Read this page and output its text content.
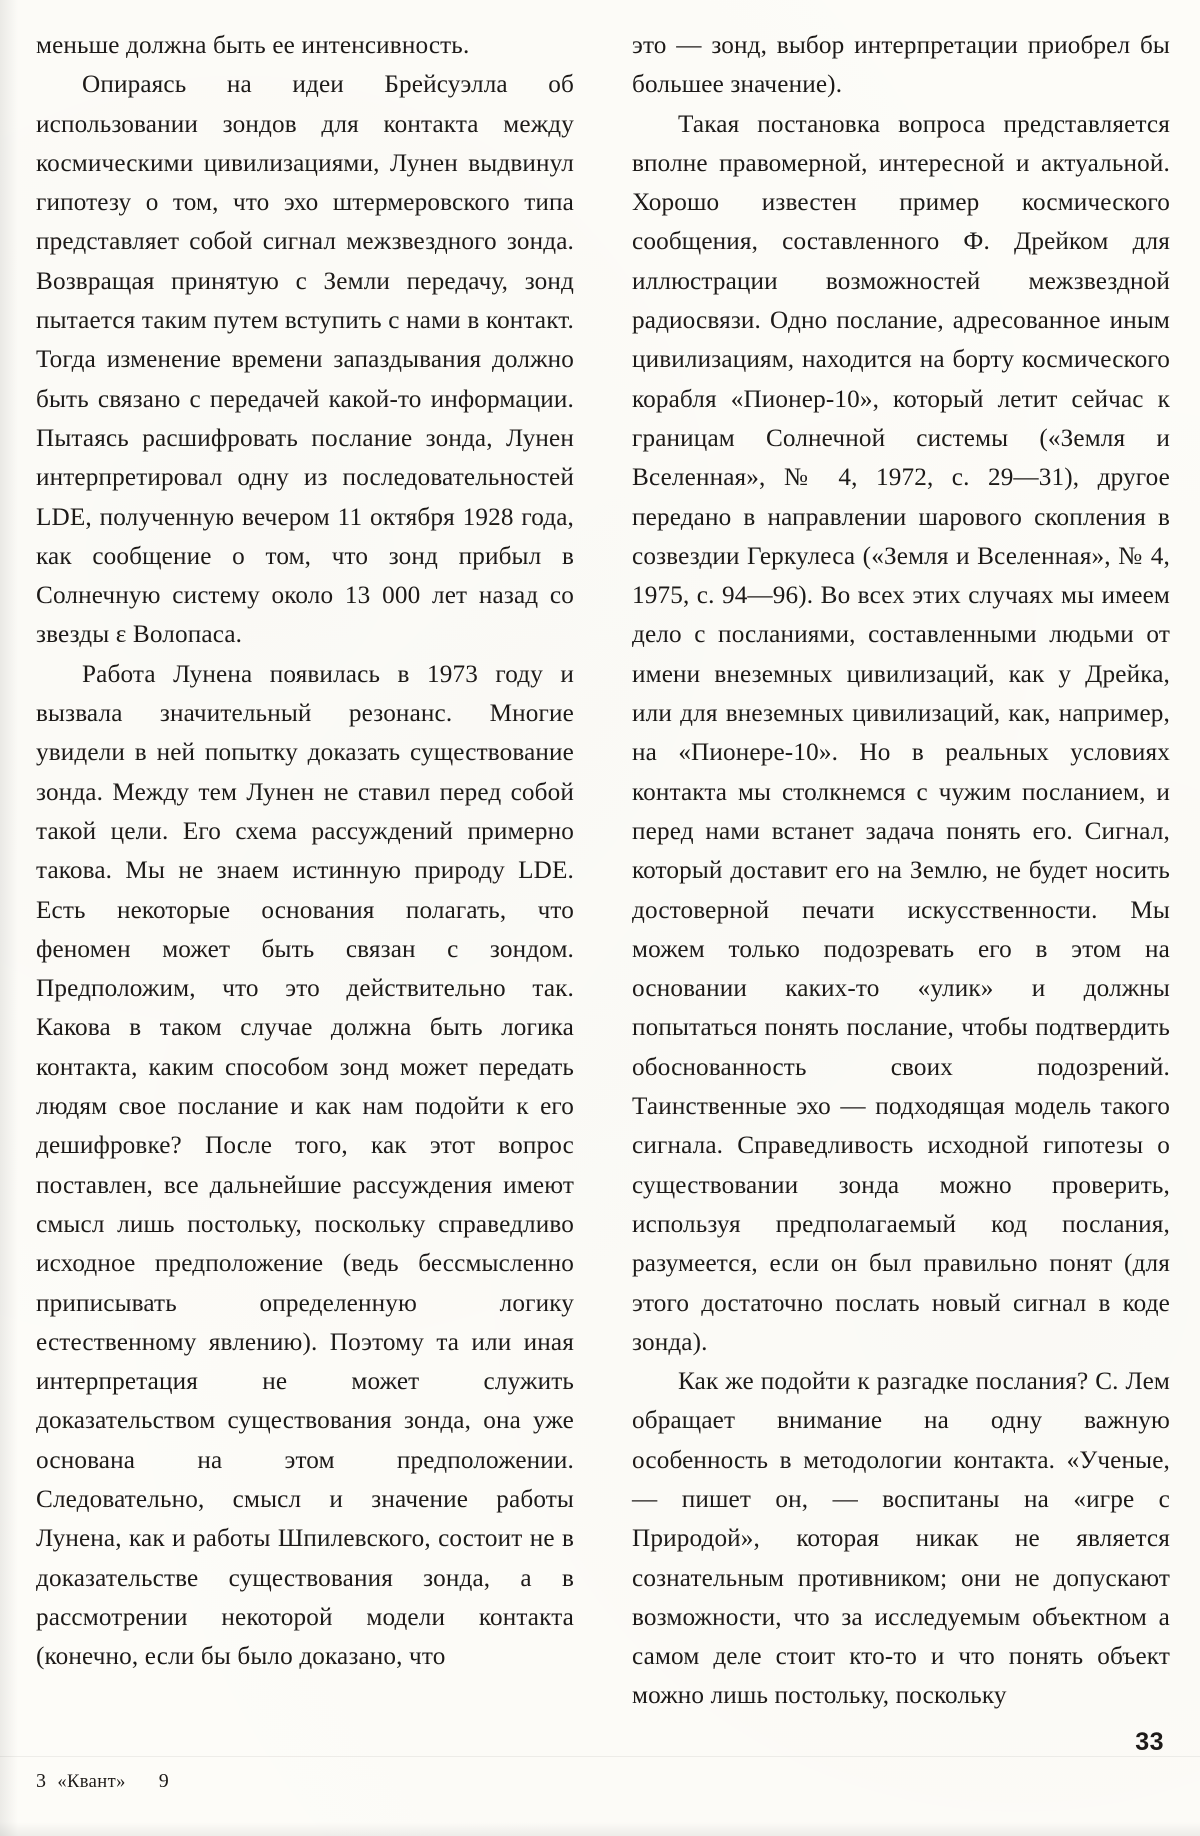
меньше должна быть ее интенсивность.

Опираясь на идеи Брейсуэлла об использовании зондов для контакта между космическими цивилизациями, Лунен выдвинул гипотезу о том, что эхо штермеровского типа представляет собой сигнал межзвездного зонда. Возвращая принятую с Земли передачу, зонд пытается таким путем вступить с нами в контакт. Тогда изменение времени запаздывания должно быть связано с передачей какой-то информации. Пытаясь расшифровать послание зонда, Лунен интерпретировал одну из последовательностей LDE, полученную вечером 11 октября 1928 года, как сообщение о том, что зонд прибыл в Солнечную систему около 13 000 лет назад со звезды ε Волопаса.

Работа Лунена появилась в 1973 году и вызвала значительный резонанс. Многие увидели в ней попытку доказать существование зонда. Между тем Лунен не ставил перед собой такой цели. Его схема рассуждений примерно такова. Мы не знаем истинную природу LDE. Есть некоторые основания полагать, что феномен может быть связан с зондом. Предположим, что это действительно так. Какова в таком случае должна быть логика контакта, каким способом зонд может передать людям свое послание и как нам подойти к его дешифровке? После того, как этот вопрос поставлен, все дальнейшие рассуждения имеют смысл лишь постольку, поскольку справедливо исходное предположение (ведь бессмысленно приписывать определенную логику естественному явлению). Поэтому та или иная интерпретация не может служить доказательством существования зонда, она уже основана на этом предположении. Следовательно, смысл и значение работы Лунена, как и работы Шпилевского, состоит не в доказательстве существования зонда, а в рассмотрении некоторой модели контакта (конечно, если бы было доказано, что

это — зонд, выбор интерпретации приобрел бы большее значение).

Такая постановка вопроса представляется вполне правомерной, интересной и актуальной. Хорошо известен пример космического сообщения, составленного Ф. Дрейком для иллюстрации возможностей межзвездной радиосвязи. Одно послание, адресованное иным цивилизациям, находится на борту космического корабля «Пионер-10», который летит сейчас к границам Солнечной системы («Земля и Вселенная», № 4, 1972, с. 29—31), другое передано в направлении шарового скопления в созвездии Геркулеса («Земля и Вселенная», № 4, 1975, с. 94—96). Во всех этих случаях мы имеем дело с посланиями, составленными людьми от имени внеземных цивилизаций, как у Дрейка, или для внеземных цивилизаций, как, например, на «Пионере-10». Но в реальных условиях контакта мы столкнемся с чужим посланием, и перед нами встанет задача понять его. Сигнал, который доставит его на Землю, не будет носить достоверной печати искусственности. Мы можем только подозревать его в этом на основании каких-то «улик» и должны попытаться понять послание, чтобы подтвердить обоснованность своих подозрений. Таинственные эхо — подходящая модель такого сигнала. Справедливость исходной гипотезы о существовании зонда можно проверить, используя предполагаемый код послания, разумеется, если он был правильно понят (для этого достаточно послать новый сигнал в коде зонда).

Как же подойти к разгадке послания? С. Лем обращает внимание на одну важную особенность в методологии контакта. «Ученые, — пишет он, — воспитаны на «игре с Природой», которая никак не является сознательным противником; они не допускают возможности, что за исследуемым объектном а самом деле стоит кто-то и что понять объект можно лишь постольку, поскольку

33
3 «Квант»	9
